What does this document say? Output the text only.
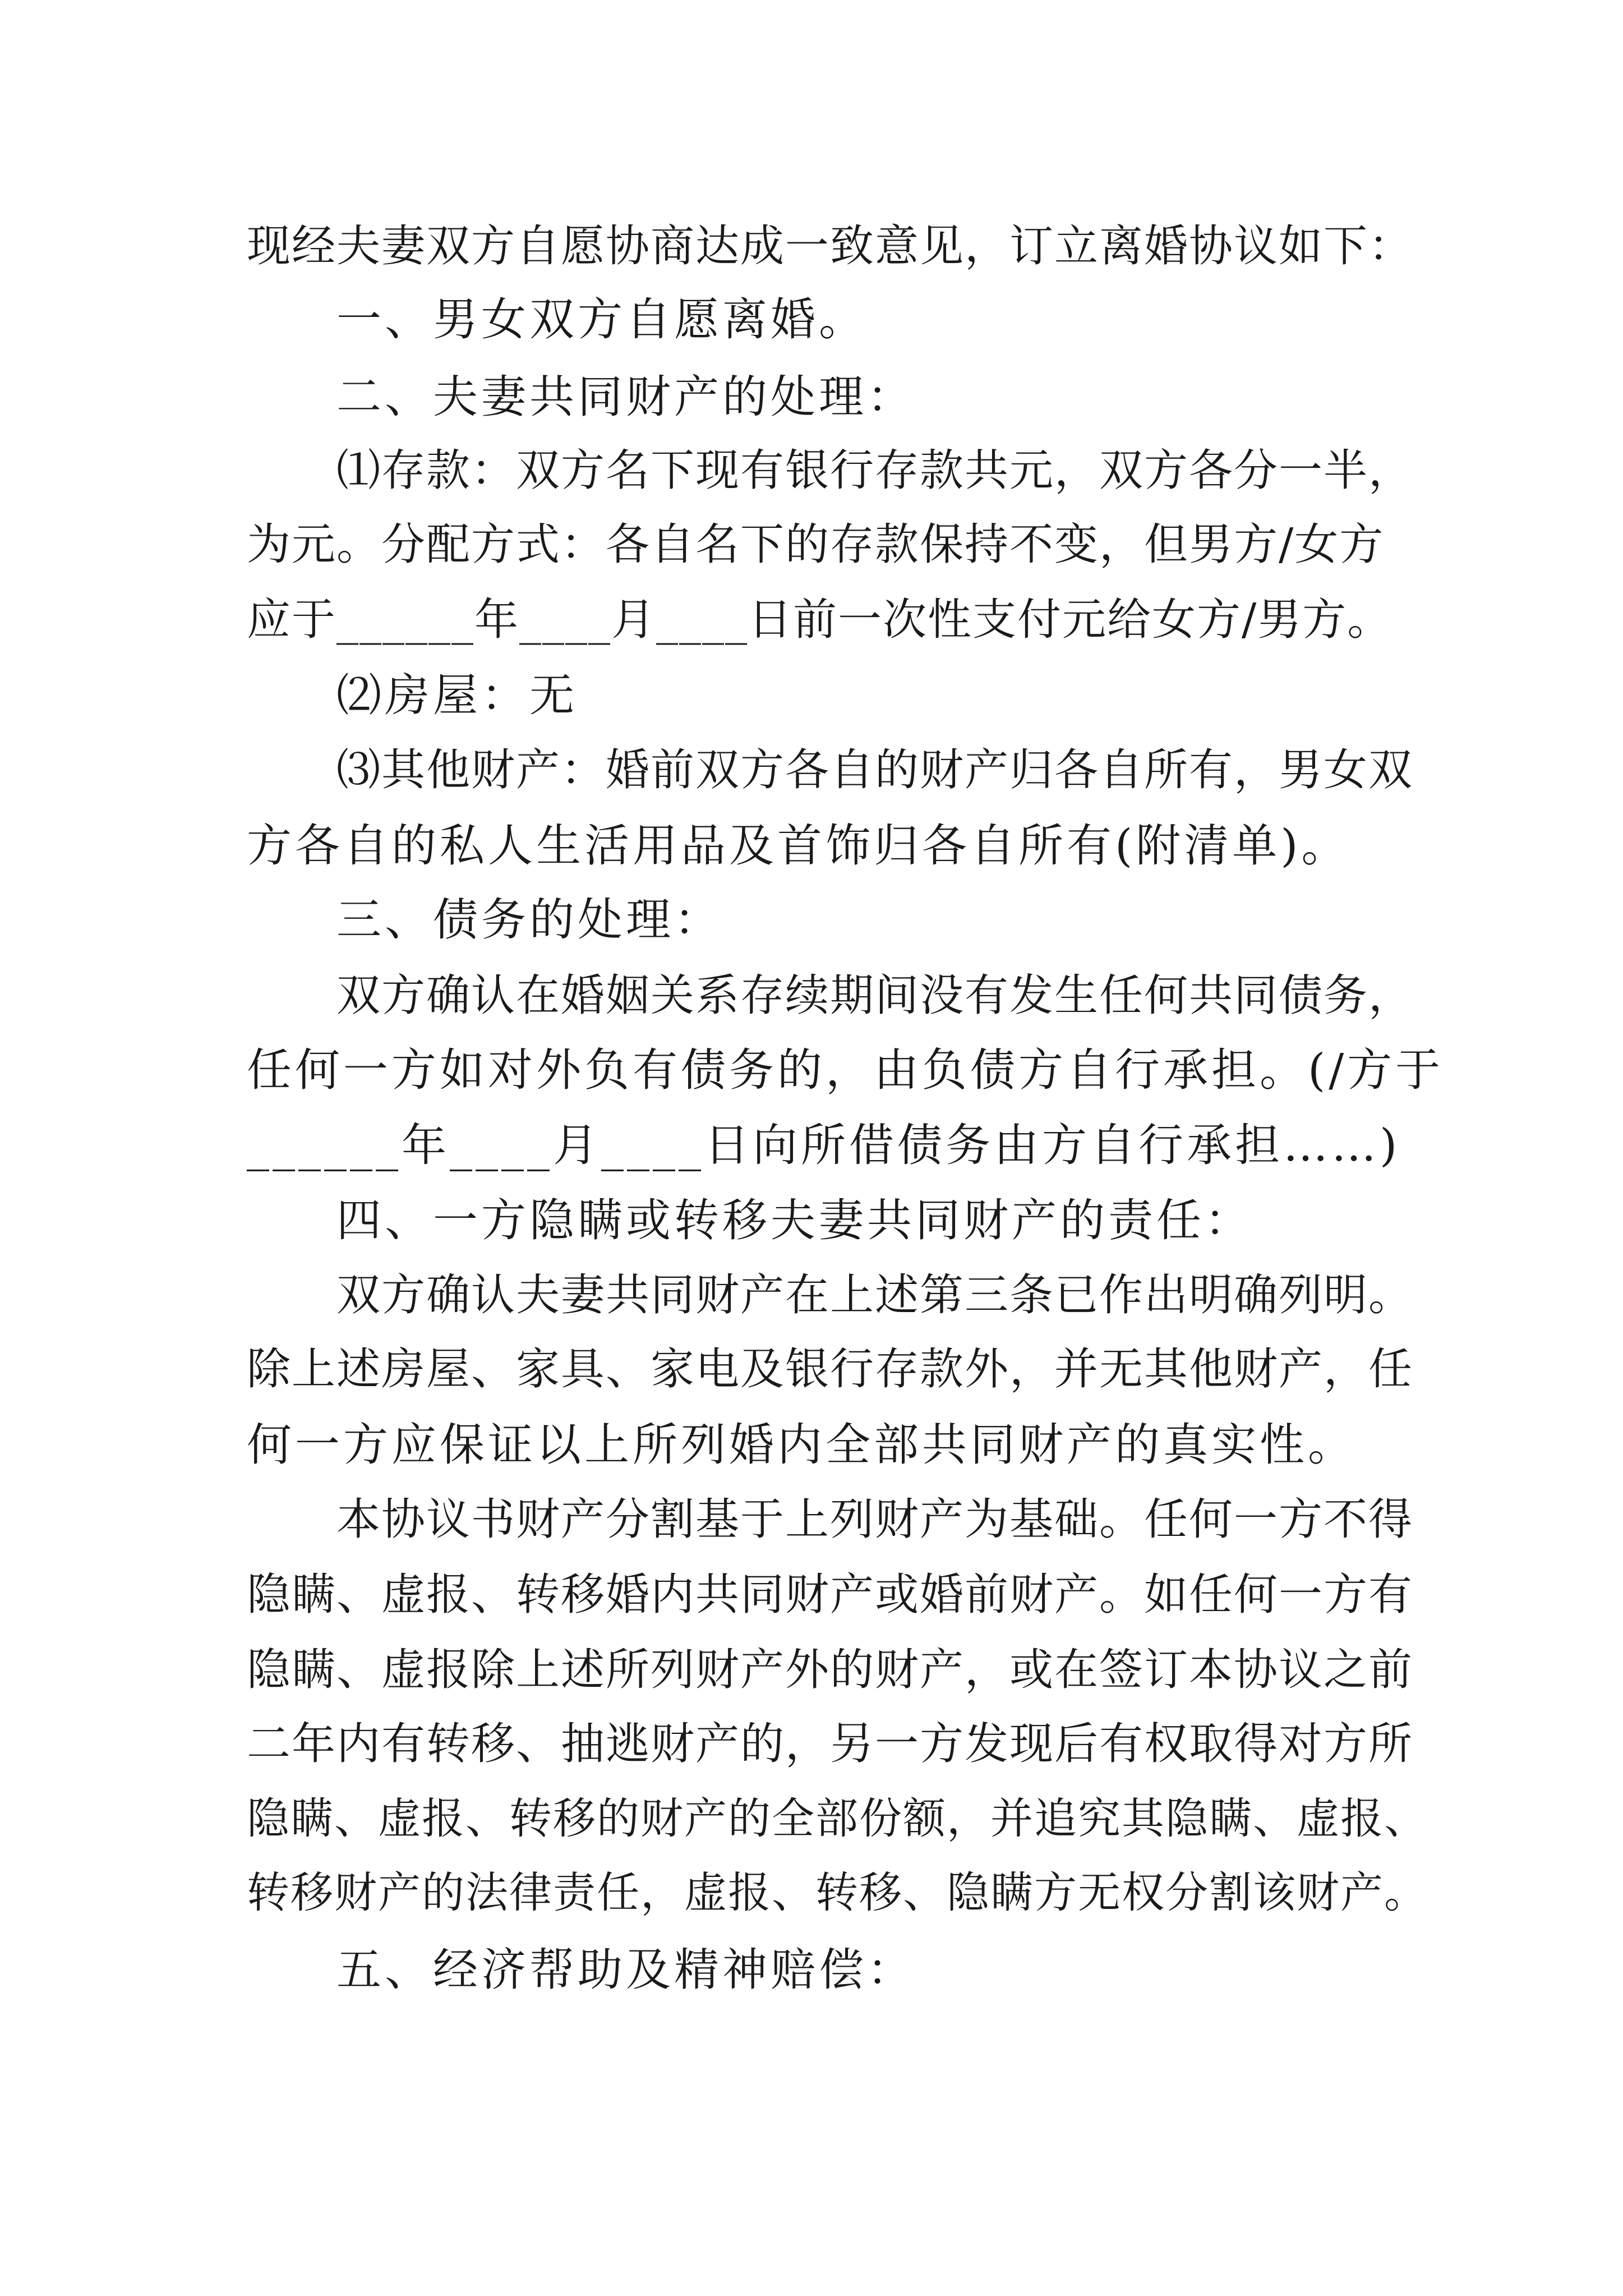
现经夫妻双方自愿协商达成一致意见，订立离婚协议如下：
一、男女双方自愿离婚。
二、夫妻共同财产的处理：
⑴存款：双方名下现有银行存款共元，双方各分一半，
为元。分配方式：各自名下的存款保持不变，但男方/女方
应于______年____月____日前一次性支付元给女方/男方。
⑵房屋：无
⑶其他财产：婚前双方各自的财产归各自所有，男女双
方各自的私人生活用品及首饰归各自所有(附清单)。
三、债务的处理：
双方确认在婚姻关系存续期间没有发生任何共同债务，
任何一方如对外负有债务的，由负债方自行承担。(/方于
______年____月____日向所借债务由方自行承担……)
四、一方隐瞒或转移夫妻共同财产的责任：
双方确认夫妻共同财产在上述第三条已作出明确列明。
除上述房屋、家具、家电及银行存款外，并无其他财产，任
何一方应保证以上所列婚内全部共同财产的真实性。
本协议书财产分割基于上列财产为基础。任何一方不得
隐瞒、虚报、转移婚内共同财产或婚前财产。如任何一方有
隐瞒、虚报除上述所列财产外的财产，或在签订本协议之前
二年内有转移、抽逃财产的，另一方发现后有权取得对方所
隐瞒、虚报、转移的财产的全部份额，并追究其隐瞒、虚报、
转移财产的法律责任，虚报、转移、隐瞒方无权分割该财产。
五、经济帮助及精神赔偿：
